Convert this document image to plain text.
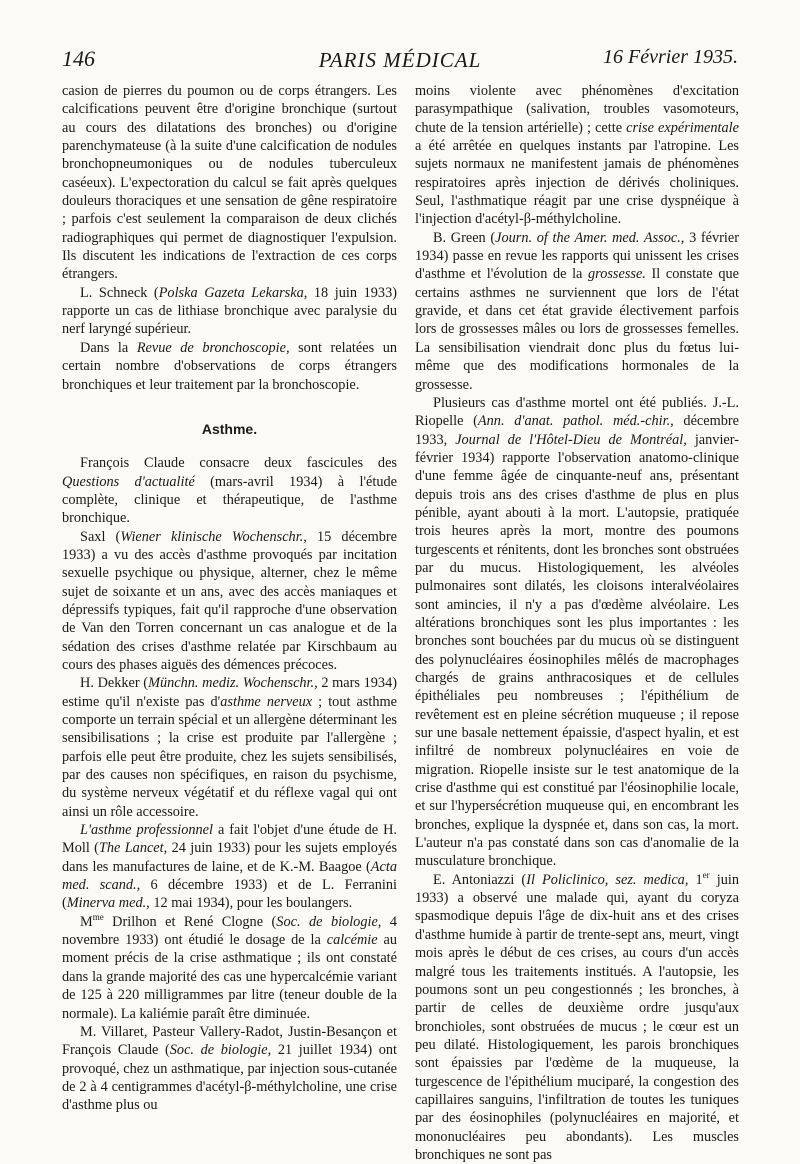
146	PARIS MÉDICAL	16 Février 1935.

casion de pierres du poumon ou de corps étrangers. Les calcifications peuvent être d'origine bronchique (surtout au cours des dilatations des bronches) ou d'origine parenchymateuse (à la suite d'une calcification de nodules bronchopneumoniques ou de nodules tuberculeux caséeux). L'expectoration du calcul se fait après quelques douleurs thoraciques et une sensation de gêne respiratoire ; parfois c'est seulement la comparaison de deux clichés radiographiques qui permet de diagnostiquer l'expulsion. Ils discutent les indications de l'extraction de ces corps étrangers.

L. Schneck (Polska Gazeta Lekarska, 18 juin 1933) rapporte un cas de lithiase bronchique avec paralysie du nerf laryngé supérieur.

Dans la Revue de bronchoscopie, sont relatées un certain nombre d'observations de corps étrangers bronchiques et leur traitement par la bronchoscopie.

Asthme.

François Claude consacre deux fascicules des Questions d'actualité (mars-avril 1934) à l'étude complète, clinique et thérapeutique, de l'asthme bronchique.

Saxl (Wiener klinische Wochenschr., 15 décembre 1933) a vu des accès d'asthme provoqués par incitation sexuelle psychique ou physique, alterner, chez le même sujet de soixante et un ans, avec des accès maniaques et dépressifs typiques, fait qu'il rapproche d'une observation de Van den Torren concernant un cas analogue et de la sédation des crises d'asthme relatée par Kirschbaum au cours des phases aiguës des démences précoces.

H. Dekker (Münchn. mediz. Wochenschr., 2 mars 1934) estime qu'il n'existe pas d'asthme nerveux ; tout asthme comporte un terrain spécial et un allergène déterminant les sensibilisations ; la crise est produite par l'allergène ; parfois elle peut être produite, chez les sujets sensibilisés, par des causes non spécifiques, en raison du psychisme, du système nerveux végétatif et du réflexe vagal qui ont ainsi un rôle accessoire.

L'asthme professionnel a fait l'objet d'une étude de H. Moll (The Lancet, 24 juin 1933) pour les sujets employés dans les manufactures de laine, et de K.-M. Baagoe (Acta med. scand., 6 décembre 1933) et de L. Ferranini (Minerva med., 12 mai 1934), pour les boulangers.

$M^{me}$ Drilhon et René Clogne (Soc. de biologie, 4 novembre 1933) ont étudié le dosage de la calcémie au moment précis de la crise asthmatique ; ils ont constaté dans la grande majorité des cas une hypercalcémie variant de 125 à 220 milligrammes par litre (teneur double de la normale). La kaliémie paraît être diminuée.

M. Villaret, Pasteur Vallery-Radot, Justin-Besançon et François Claude (Soc. de biologie, 21 juillet 1934) ont provoqué, chez un asthmatique, par injection sous-cutanée de 2 à 4 centigrammes d'acétyl-β-méthylcholine, une crise d'asthme plus ou

moins violente avec phénomènes d'excitation parasympathique (salivation, troubles vasomoteurs, chute de la tension artérielle) ; cette crise expérimentale a été arrêtée en quelques instants par l'atropine. Les sujets normaux ne manifestent jamais de phénomènes respiratoires après injection de dérivés choliniques. Seul, l'asthmatique réagit par une crise dyspnéique à l'injection d'acétyl-β-méthylcholine.

B. Green (Journ. of the Amer. med. Assoc., 3 février 1934) passe en revue les rapports qui unissent les crises d'asthme et l'évolution de la grossesse. Il constate que certains asthmes ne surviennent que lors de l'état gravide, et dans cet état gravide électivement parfois lors de grossesses mâles ou lors de grossesses femelles. La sensibilisation viendrait donc plus du fœtus lui-même que des modifications hormonales de la grossesse.

Plusieurs cas d'asthme mortel ont été publiés. J.-L. Riopelle (Ann. d'anat. pathol. méd.-chir., décembre 1933, Journal de l'Hôtel-Dieu de Montréal, janvier-février 1934) rapporte l'observation anatomo-clinique d'une femme âgée de cinquante-neuf ans, présentant depuis trois ans des crises d'asthme de plus en plus pénible, ayant abouti à la mort. L'autopsie, pratiquée trois heures après la mort, montre des poumons turgescents et rénitents, dont les bronches sont obstruées par du mucus. Histologiquement, les alvéoles pulmonaires sont dilatés, les cloisons interalvéolaires sont amincies, il n'y a pas d'œdème alvéolaire. Les altérations bronchiques sont les plus importantes : les bronches sont bouchées par du mucus où se distinguent des polynucléaires éosinophiles mêlés de macrophages chargés de grains anthracosiques et de cellules épithéliales peu nombreuses ; l'épithélium de revêtement est en pleine sécrétion muqueuse ; il repose sur une basale nettement épaissie, d'aspect hyalin, et est infiltré de nombreux polynucléaires en voie de migration. Riopelle insiste sur le test anatomique de la crise d'asthme qui est constitué par l'éosinophilie locale, et sur l'hypersécrétion muqueuse qui, en encombrant les bronches, explique la dyspnée et, dans son cas, la mort. L'auteur n'a pas constaté dans son cas d'anomalie de la musculature bronchique.

E. Antoniazzi (Il Policlinico, sez. medica, 1er juin 1933) a observé une malade qui, ayant du coryza spasmodique depuis l'âge de dix-huit ans et des crises d'asthme humide à partir de trente-sept ans, meurt, vingt mois après le début de ces crises, au cours d'un accès malgré tous les traitements institués. A l'autopsie, les poumons sont un peu congestionnés ; les bronches, à partir de celles de deuxième ordre jusqu'aux bronchioles, sont obstruées de mucus ; le cœur est un peu dilaté. Histologiquement, les parois bronchiques sont épaissies par l'œdème de la muqueuse, la turgescence de l'épithélium muciparé, la congestion des capillaires sanguins, l'infiltration de toutes les tuniques par des éosinophiles (polynucléaires en majorité, et mononucléaires peu abondants). Les muscles bronchiques ne sont pas
